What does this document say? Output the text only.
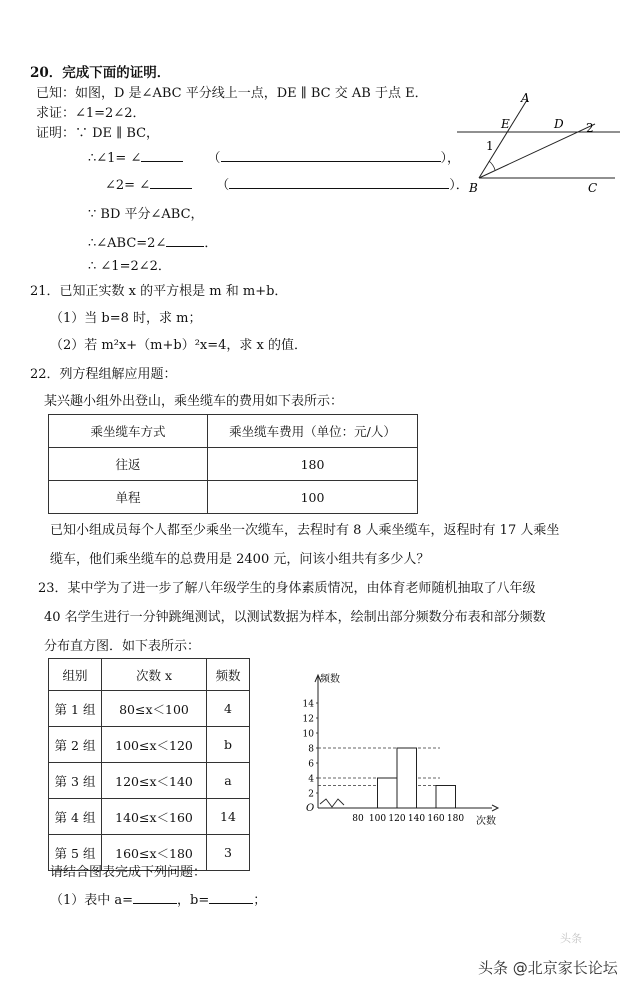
20．完成下面的证明．
已知：如图，D 是∠ABC 平分线上一点，DE ∥ BC 交 AB 于点 E．
求证：∠1=2∠2．
证明：∵ DE ∥ BC，
∴∠1= ∠	（	），
∠2= ∠	（	）．
∵ BD 平分∠ABC，
∴∠ABC=2∠	．
∴ ∠1=2∠2．
A
E	D 2
1
B	C
21．已知正实数 x 的平方根是 m 和 m+b．
（1）当 b=8 时，求 m；
（2）若 m²x+（m+b）²x=4，求 x 的值．
22．列方程组解应用题：
某兴趣小组外出登山，乘坐缆车的费用如下表所示：
乘坐缆车方式	乘坐缆车费用（单位：元/人）
往返	180
单程	100
已知小组成员每个人都至少乘坐一次缆车，去程时有 8 人乘坐缆车，返程时有 17 人乘坐
缆车，他们乘坐缆车的总费用是 2400 元，问该小组共有多少人？
23．某中学为了进一步了解八年级学生的身体素质情况，由体育老师随机抽取了八年级
40 名学生进行一分钟跳绳测试，以测试数据为样本，绘制出部分频数分布表和部分频数
分布直方图．如下表所示：
组别	次数 x	频数
第 1 组	80≤x＜100	4
第 2 组	100≤x＜120	b
第 3 组	120≤x＜140	a
第 4 组	140≤x＜160	14
第 5 组	160≤x＜180	3
2
4
6
8
10
12
14
80 100 120 140 160 180
O
频数
次数
请结合图表完成下列问题：
（1）表中 a=	，b=	；
头条
头条 @北京家长论坛
